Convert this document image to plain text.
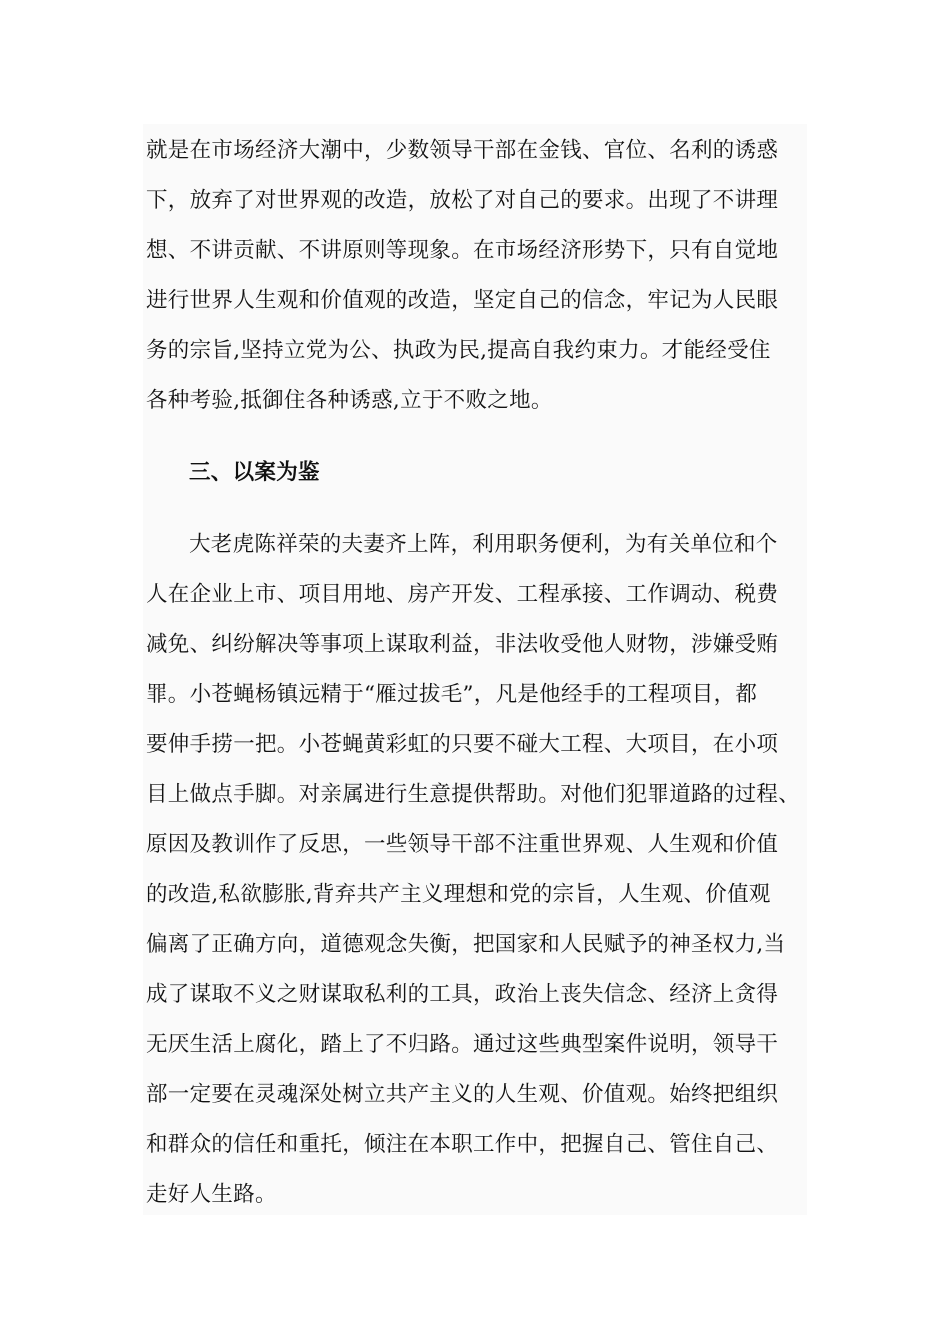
就是在市场经济大潮中，少数领导干部在金钱、官位、名利的诱惑

下，放弃了对世界观的改造，放松了对自己的要求。出现了不讲理

想、不讲贡献、不讲原则等现象。在市场经济形势下，只有自觉地

进行世界人生观和价值观的改造，坚定自己的信念，牢记为人民眼

务的宗旨,坚持立党为公、执政为民,提高自我约束力。才能经受住

各种考验,抵御住各种诱惑,立于不败之地。

三、以案为鉴

大老虎陈祥荣的夫妻齐上阵，利用职务便利，为有关单位和个

人在企业上市、项目用地、房产开发、工程承接、工作调动、税费

减免、纠纷解决等事项上谋取利益，非法收受他人财物，涉嫌受贿

罪。小苍蝇杨镇远精于“雁过拔毛”，凡是他经手的工程项目，都

要伸手捞一把。小苍蝇黄彩虹的只要不碰大工程、大项目，在小项

目上做点手脚。对亲属进行生意提供帮助。对他们犯罪道路的过程、

原因及教训作了反思，一些领导干部不注重世界观、人生观和价值

的改造,私欲膨胀,背弃共产主义理想和党的宗旨，人生观、价值观

偏离了正确方向，道德观念失衡，把国家和人民赋予的神圣权力,当

成了谋取不义之财谋取私利的工具，政治上丧失信念、经济上贪得

无厌生活上腐化，踏上了不归路。通过这些典型案件说明，领导干

部一定要在灵魂深处树立共产主义的人生观、价值观。始终把组织

和群众的信任和重托，倾注在本职工作中，把握自己、管住自己、

走好人生路。
